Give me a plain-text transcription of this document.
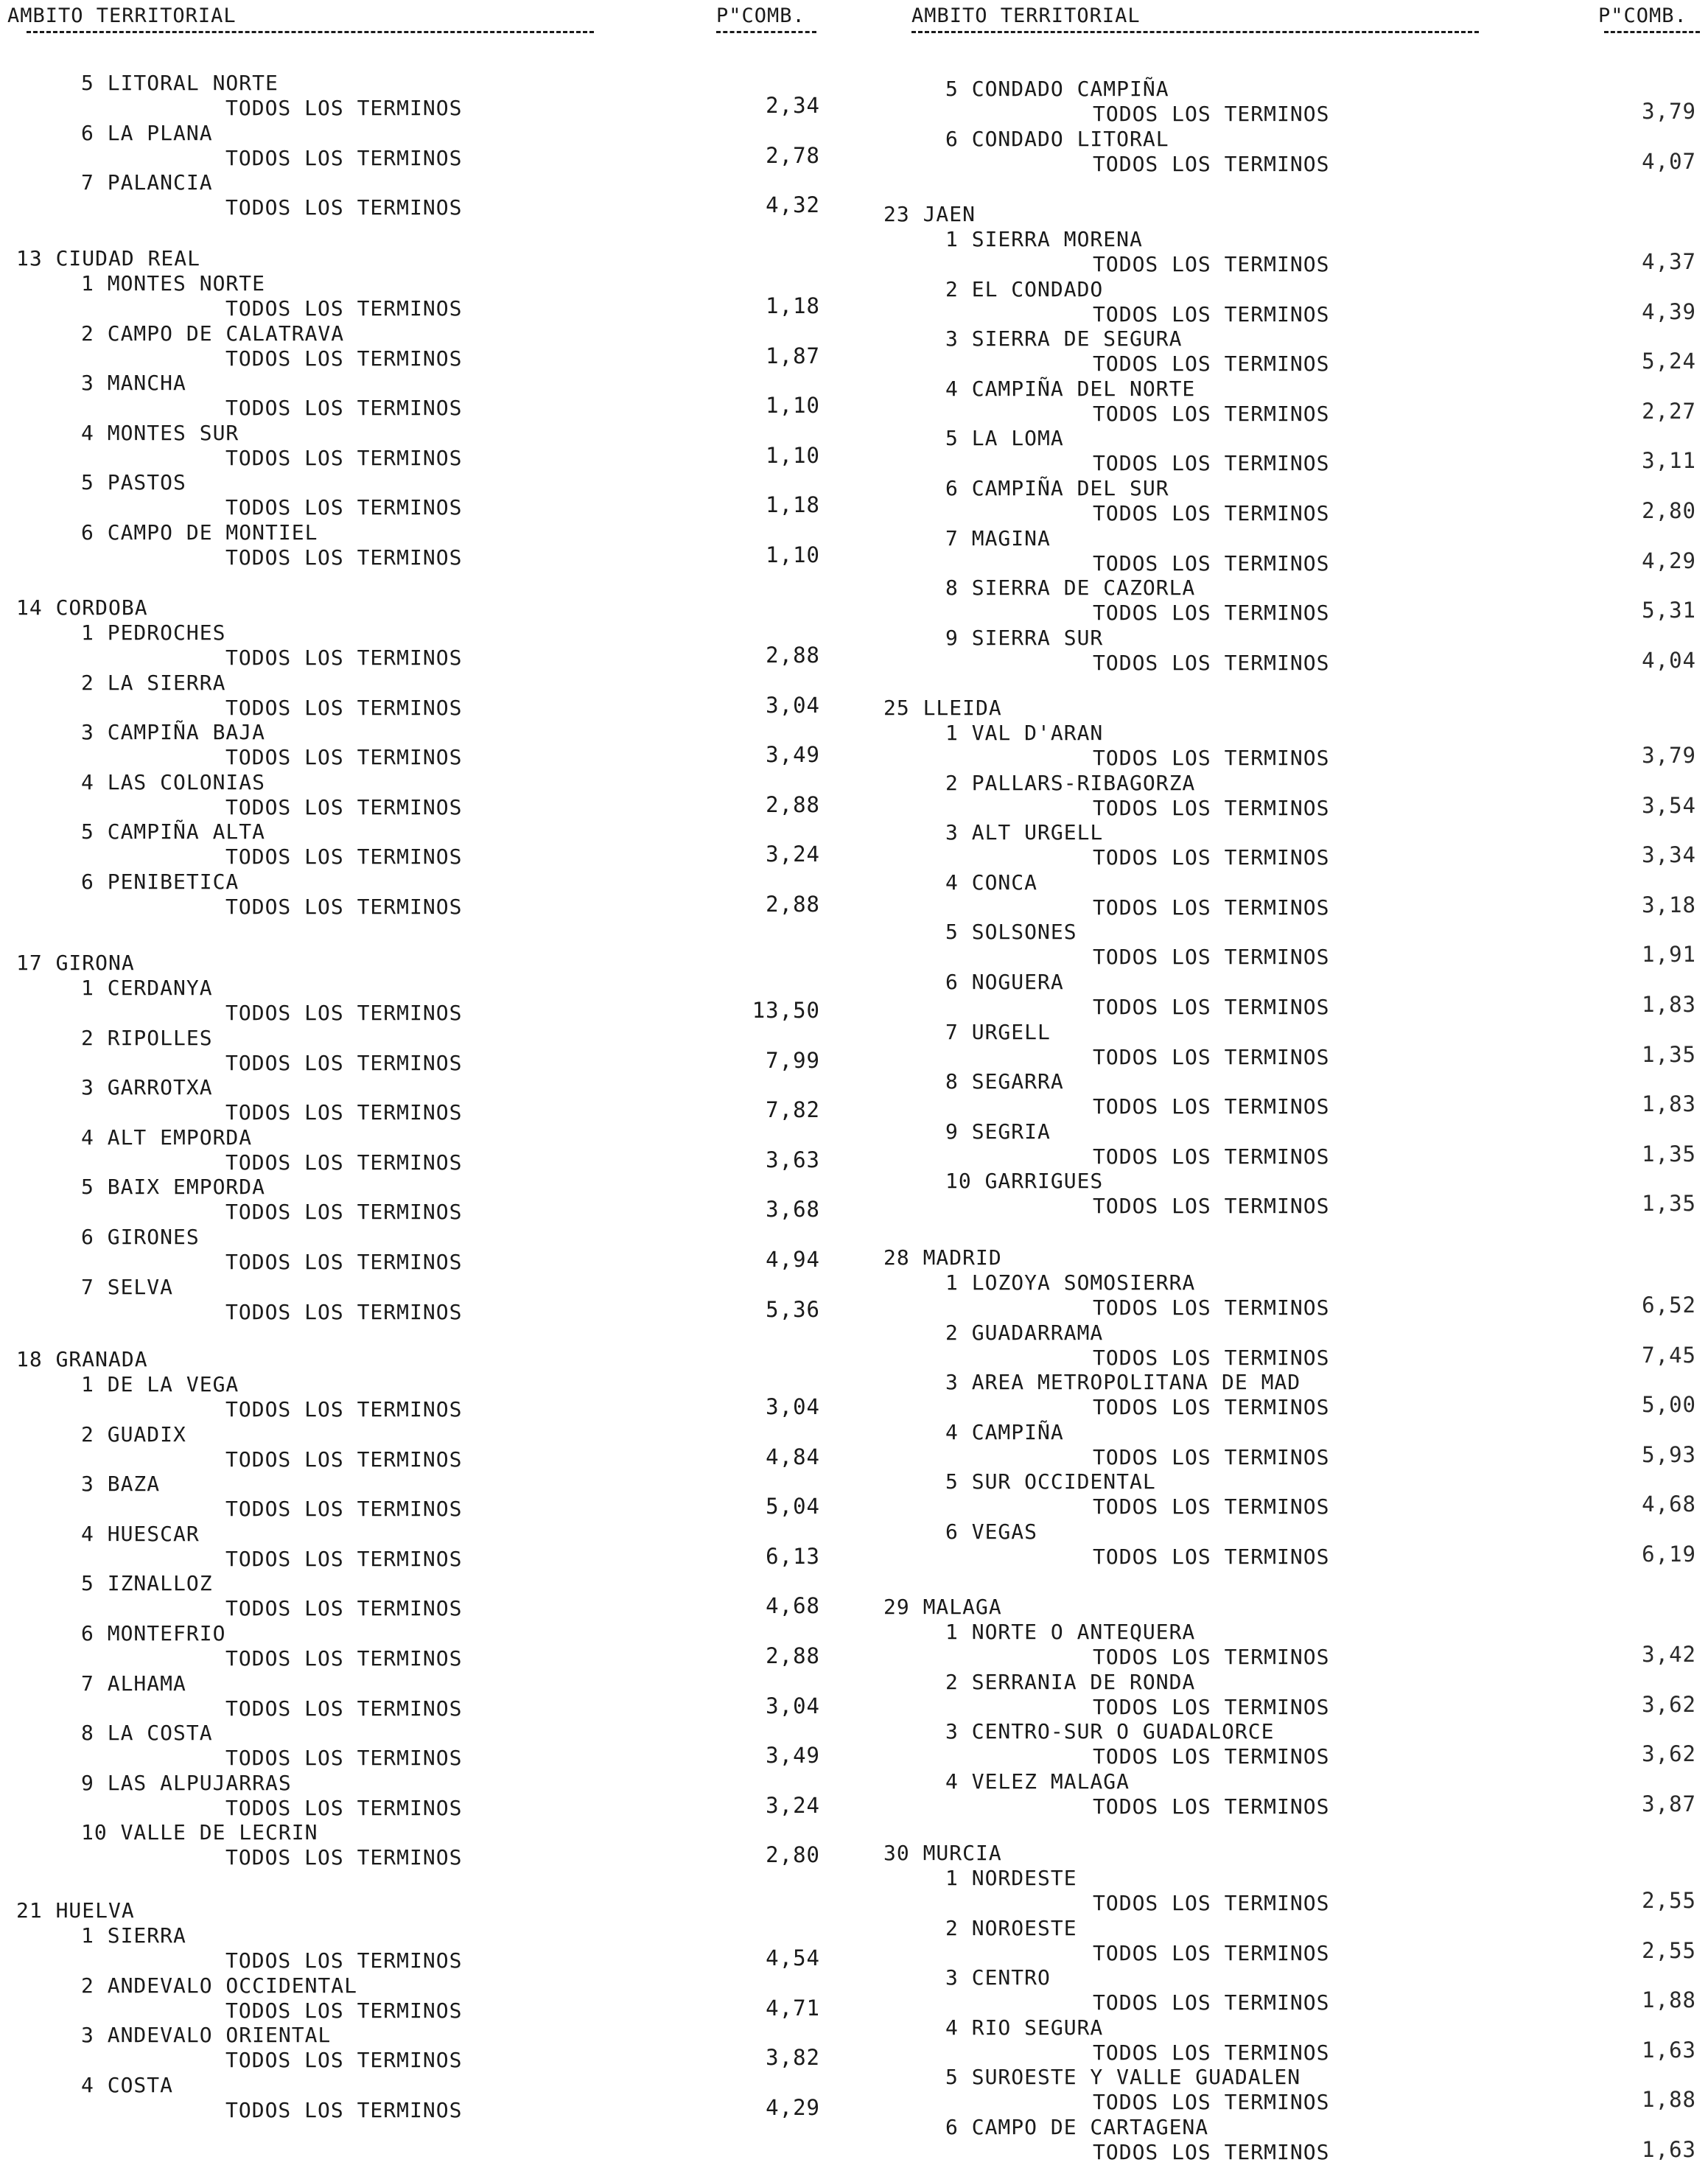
AMBITO TERRITORIAL	P"COMB.
5 LITORAL NORTE
TODOS LOS TERMINOS	2,34
6 LA PLANA
TODOS LOS TERMINOS	2,78
7 PALANCIA
TODOS LOS TERMINOS	4,32
13 CIUDAD REAL
1 MONTES NORTE
TODOS LOS TERMINOS	1,18
2 CAMPO DE CALATRAVA
TODOS LOS TERMINOS	1,87
3 MANCHA
TODOS LOS TERMINOS	1,10
4 MONTES SUR
TODOS LOS TERMINOS	1,10
5 PASTOS
TODOS LOS TERMINOS	1,18
6 CAMPO DE MONTIEL
TODOS LOS TERMINOS	1,10
14 CORDOBA
1 PEDROCHES
TODOS LOS TERMINOS	2,88
2 LA SIERRA
TODOS LOS TERMINOS	3,04
3 CAMPIÑA BAJA
TODOS LOS TERMINOS	3,49
4 LAS COLONIAS
TODOS LOS TERMINOS	2,88
5 CAMPIÑA ALTA
TODOS LOS TERMINOS	3,24
6 PENIBETICA
TODOS LOS TERMINOS	2,88
17 GIRONA
1 CERDANYA
TODOS LOS TERMINOS	13,50
2 RIPOLLES
TODOS LOS TERMINOS	7,99
3 GARROTXA
TODOS LOS TERMINOS	7,82
4 ALT EMPORDA
TODOS LOS TERMINOS	3,63
5 BAIX EMPORDA
TODOS LOS TERMINOS	3,68
6 GIRONES
TODOS LOS TERMINOS	4,94
7 SELVA
TODOS LOS TERMINOS	5,36
18 GRANADA
1 DE LA VEGA
TODOS LOS TERMINOS	3,04
2 GUADIX
TODOS LOS TERMINOS	4,84
3 BAZA
TODOS LOS TERMINOS	5,04
4 HUESCAR
TODOS LOS TERMINOS	6,13
5 IZNALLOZ
TODOS LOS TERMINOS	4,68
6 MONTEFRIO
TODOS LOS TERMINOS	2,88
7 ALHAMA
TODOS LOS TERMINOS	3,04
8 LA COSTA
TODOS LOS TERMINOS	3,49
9 LAS ALPUJARRAS
TODOS LOS TERMINOS	3,24
10 VALLE DE LECRIN
TODOS LOS TERMINOS	2,80
21 HUELVA
1 SIERRA
TODOS LOS TERMINOS	4,54
2 ANDEVALO OCCIDENTAL
TODOS LOS TERMINOS	4,71
3 ANDEVALO ORIENTAL
TODOS LOS TERMINOS	3,82
4 COSTA
TODOS LOS TERMINOS	4,29
AMBITO TERRITORIAL	P"COMB.
5 CONDADO CAMPIÑA
TODOS LOS TERMINOS	3,79
6 CONDADO LITORAL
TODOS LOS TERMINOS	4,07
23 JAEN
1 SIERRA MORENA
TODOS LOS TERMINOS	4,37
2 EL CONDADO
TODOS LOS TERMINOS	4,39
3 SIERRA DE SEGURA
TODOS LOS TERMINOS	5,24
4 CAMPIÑA DEL NORTE
TODOS LOS TERMINOS	2,27
5 LA LOMA
TODOS LOS TERMINOS	3,11
6 CAMPIÑA DEL SUR
TODOS LOS TERMINOS	2,80
7 MAGINA
TODOS LOS TERMINOS	4,29
8 SIERRA DE CAZORLA
TODOS LOS TERMINOS	5,31
9 SIERRA SUR
TODOS LOS TERMINOS	4,04
25 LLEIDA
1 VAL D'ARAN
TODOS LOS TERMINOS	3,79
2 PALLARS-RIBAGORZA
TODOS LOS TERMINOS	3,54
3 ALT URGELL
TODOS LOS TERMINOS	3,34
4 CONCA
TODOS LOS TERMINOS	3,18
5 SOLSONES
TODOS LOS TERMINOS	1,91
6 NOGUERA
TODOS LOS TERMINOS	1,83
7 URGELL
TODOS LOS TERMINOS	1,35
8 SEGARRA
TODOS LOS TERMINOS	1,83
9 SEGRIA
TODOS LOS TERMINOS	1,35
10 GARRIGUES
TODOS LOS TERMINOS	1,35
28 MADRID
1 LOZOYA SOMOSIERRA
TODOS LOS TERMINOS	6,52
2 GUADARRAMA
TODOS LOS TERMINOS	7,45
3 AREA METROPOLITANA DE MAD
TODOS LOS TERMINOS	5,00
4 CAMPIÑA
TODOS LOS TERMINOS	5,93
5 SUR OCCIDENTAL
TODOS LOS TERMINOS	4,68
6 VEGAS
TODOS LOS TERMINOS	6,19
29 MALAGA
1 NORTE O ANTEQUERA
TODOS LOS TERMINOS	3,42
2 SERRANIA DE RONDA
TODOS LOS TERMINOS	3,62
3 CENTRO-SUR O GUADALORCE
TODOS LOS TERMINOS	3,62
4 VELEZ MALAGA
TODOS LOS TERMINOS	3,87
30 MURCIA
1 NORDESTE
TODOS LOS TERMINOS	2,55
2 NOROESTE
TODOS LOS TERMINOS	2,55
3 CENTRO
TODOS LOS TERMINOS	1,88
4 RIO SEGURA
TODOS LOS TERMINOS	1,63
5 SUROESTE Y VALLE GUADALEN
TODOS LOS TERMINOS	1,88
6 CAMPO DE CARTAGENA
TODOS LOS TERMINOS	1,63
